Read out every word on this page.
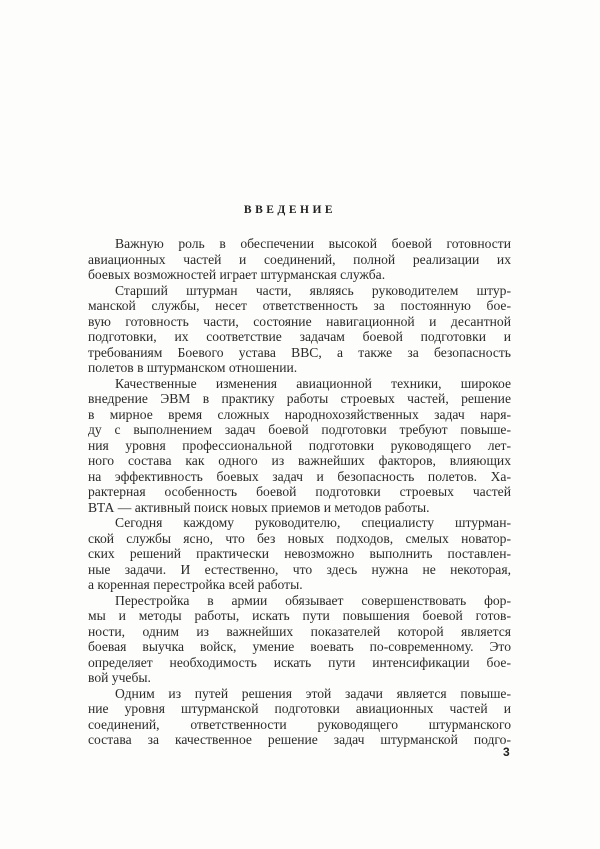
ВВЕДЕНИЕ
Важную роль в обеспечении высокой боевой готовности
авиационных частей и соединений, полной реализации их
боевых возможностей играет штурманская служба.
Старший штурман части, являясь руководителем штур-
манской службы, несет ответственность за постоянную бое-
вую готовность части, состояние навигационной и десантной
подготовки, их соответствие задачам боевой подготовки и
требованиям Боевого устава ВВС, а также за безопасность
полетов в штурманском отношении.
Качественные изменения авиационной техники, широкое
внедрение ЭВМ в практику работы строевых частей, решение
в мирное время сложных народнохозяйственных задач наря-
ду с выполнением задач боевой подготовки требуют повыше-
ния уровня профессиональной подготовки руководящего лет-
ного состава как одного из важнейших факторов, влияющих
на эффективность боевых задач и безопасность полетов. Ха-
рактерная особенность боевой подготовки строевых частей
ВТА — активный поиск новых приемов и методов работы.
Сегодня каждому руководителю, специалисту штурман-
ской службы ясно, что без новых подходов, смелых новатор-
ских решений практически невозможно выполнить поставлен-
ные задачи. И естественно, что здесь нужна не некоторая,
а коренная перестройка всей работы.
Перестройка в армии обязывает совершенствовать фор-
мы и методы работы, искать пути повышения боевой готов-
ности, одним из важнейших показателей которой является
боевая выучка войск, умение воевать по-современному. Это
определяет необходимость искать пути интенсификации бое-
вой учебы.
Одним из путей решения этой задачи является повыше-
ние уровня штурманской подготовки авиационных частей и
соединений, ответственности руководящего штурманского
состава за качественное решение задач штурманской подго-
3
